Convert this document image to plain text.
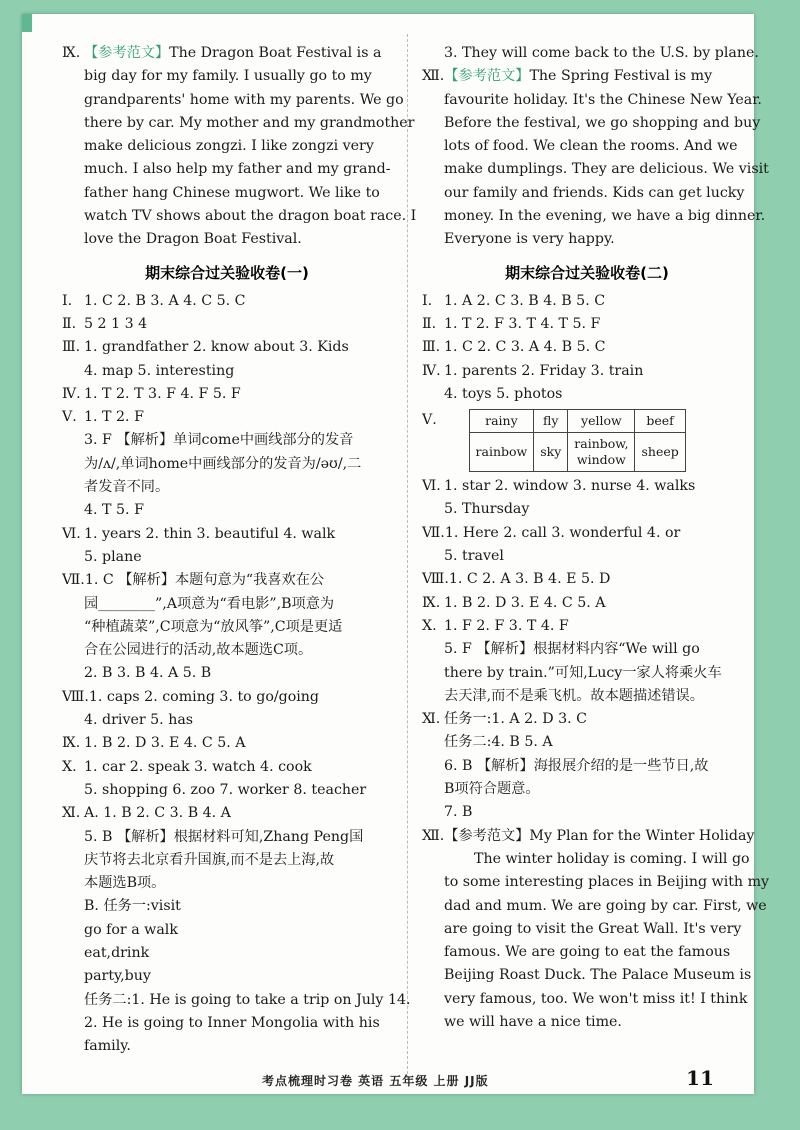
Ⅸ. 【参考范文】The Dragon Boat Festival is a
big day for my family. I usually go to my
grandparents' home with my parents. We go
there by car. My mother and my grandmother
make delicious zongzi. I like zongzi very
much. I also help my father and my grand-
father hang Chinese mugwort. We like to
watch TV shows about the dragon boat race. I
love the Dragon Boat Festival.
期末综合过关验收卷(一)
Ⅰ. 1. C 2. B 3. A 4. C 5. C
Ⅱ. 5 2 1 3 4
Ⅲ. 1. grandfather 2. know about 3. Kids
4. map 5. interesting
Ⅳ. 1. T 2. T 3. F 4. F 5. F
Ⅴ. 1. T 2. F
3. F 【解析】单词come中画线部分的发音
为/ʌ/,单词home中画线部分的发音为/əʊ/,二
者发音不同。
4. T 5. F
Ⅵ. 1. years 2. thin 3. beautiful 4. walk
5. plane
Ⅶ.1. C 【解析】本题句意为“我喜欢在公
园________”,A项意为“看电影”,B项意为
“种植蔬菜”,C项意为“放风筝”,C项是更适
合在公园进行的活动,故本题选C项。
2. B 3. B 4. A 5. B
Ⅷ.1. caps 2. coming 3. to go/going
4. driver 5. has
Ⅸ. 1. B 2. D 3. E 4. C 5. A
Ⅹ. 1. car 2. speak 3. watch 4. cook
5. shopping 6. zoo 7. worker 8. teacher
Ⅺ. A. 1. B 2. C 3. B 4. A
5. B 【解析】根据材料可知,Zhang Peng国
庆节将去北京看升国旗,而不是去上海,故
本题选B项。
B. 任务一:visit
go for a walk
eat,drink
party,buy
任务二:1. He is going to take a trip on July 14.
2. He is going to Inner Mongolia with his
family.
3. They will come back to the U.S. by plane.
Ⅻ.【参考范文】The Spring Festival is my
favourite holiday. It's the Chinese New Year.
Before the festival, we go shopping and buy
lots of food. We clean the rooms. And we
make dumplings. They are delicious. We visit
our family and friends. Kids can get lucky
money. In the evening, we have a big dinner.
Everyone is very happy.
期末综合过关验收卷(二)
Ⅰ. 1. A 2. C 3. B 4. B 5. C
Ⅱ. 1. T 2. F 3. T 4. T 5. F
Ⅲ. 1. C 2. C 3. A 4. B 5. C
Ⅳ. 1. parents 2. Friday 3. train
4. toys 5. photos
Ⅴ.	rainy	fly	yellow	beef
rainbow	sky	rainbow, window	sheep
Ⅵ. 1. star 2. window 3. nurse 4. walks
5. Thursday
Ⅶ.1. Here 2. call 3. wonderful 4. or
5. travel
Ⅷ.1. C 2. A 3. B 4. E 5. D
Ⅸ. 1. B 2. D 3. E 4. C 5. A
Ⅹ. 1. F 2. F 3. T 4. F
5. F 【解析】根据材料内容“We will go
there by train.”可知,Lucy一家人将乘火车
去天津,而不是乘飞机。故本题描述错误。
Ⅺ. 任务一:1. A 2. D 3. C
任务二:4. B 5. A
6. B 【解析】海报展介绍的是一些节日,故
B项符合题意。
7. B
Ⅻ.【参考范文】My Plan for the Winter Holiday
The winter holiday is coming. I will go
to some interesting places in Beijing with my
dad and mum. We are going by car. First, we
are going to visit the Great Wall. It's very
famous. We are going to eat the famous
Beijing Roast Duck. The Palace Museum is
very famous, too. We won't miss it! I think
we will have a nice time.
考点梳理时习卷 英语 五年级 上册 JJ版	11
